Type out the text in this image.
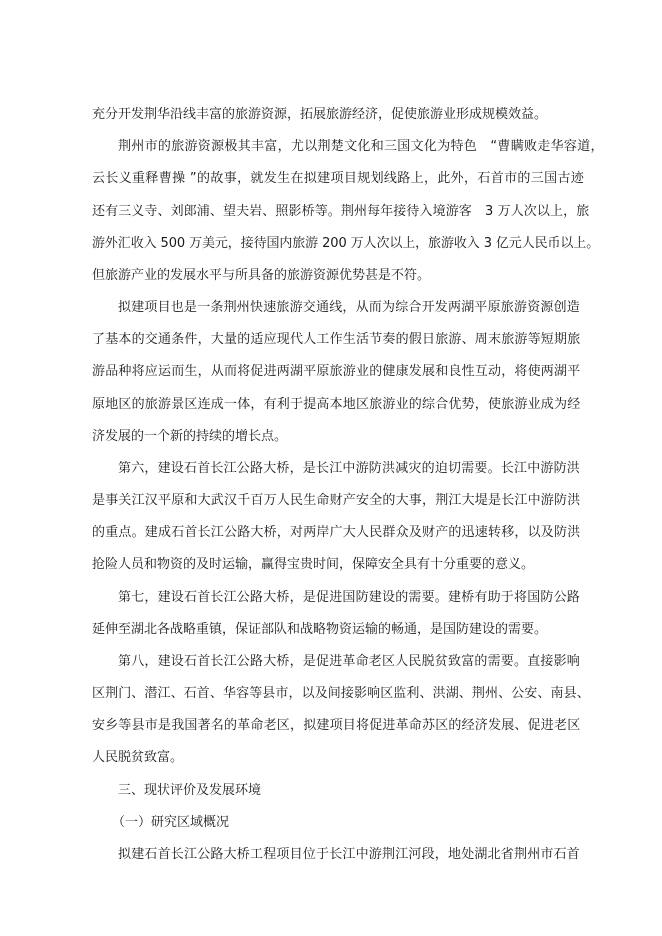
充分开发荆华沿线丰富的旅游资源，拓展旅游经济，促使旅游业形成规模效益。
荆州市的旅游资源极其丰富，尤以荆楚文化和三国文化为特色　“曹瞒败走华容道，
云长义重释曹操 ”的故事，就发生在拟建项目规划线路上，此外，石首市的三国古迹
还有三义寺、刘郎浦、望夫岩、照影桥等。荆州每年接待入境游客　3 万人次以上，旅
游外汇收入 500 万美元，接待国内旅游 200 万人次以上，旅游收入 3 亿元人民币以上。
但旅游产业的发展水平与所具备的旅游资源优势甚是不符。
拟建项目也是一条荆州快速旅游交通线，从而为综合开发两湖平原旅游资源创造
了基本的交通条件，大量的适应现代人工作生活节奏的假日旅游、周末旅游等短期旅
游品种将应运而生，从而将促进两湖平原旅游业的健康发展和良性互动，将使两湖平
原地区的旅游景区连成一体，有利于提高本地区旅游业的综合优势，使旅游业成为经
济发展的一个新的持续的增长点。
第六，建设石首长江公路大桥，是长江中游防洪减灾的迫切需要。长江中游防洪
是事关江汉平原和大武汉千百万人民生命财产安全的大事，荆江大堤是长江中游防洪
的重点。建成石首长江公路大桥，对两岸广大人民群众及财产的迅速转移，以及防洪
抢险人员和物资的及时运输，赢得宝贵时间，保障安全具有十分重要的意义。
第七，建设石首长江公路大桥，是促进国防建设的需要。建桥有助于将国防公路
延伸至湖北各战略重镇，保证部队和战略物资运输的畅通，是国防建设的需要。
第八，建设石首长江公路大桥，是促进革命老区人民脱贫致富的需要。直接影响
区荆门、潜江、石首、华容等县市，以及间接影响区监利、洪湖、荆州、公安、南县、
安乡等县市是我国著名的革命老区，拟建项目将促进革命苏区的经济发展、促进老区
人民脱贫致富。
三、现状评价及发展环境
（一）研究区域概况
拟建石首长江公路大桥工程项目位于长江中游荆江河段，地处湖北省荆州市石首
